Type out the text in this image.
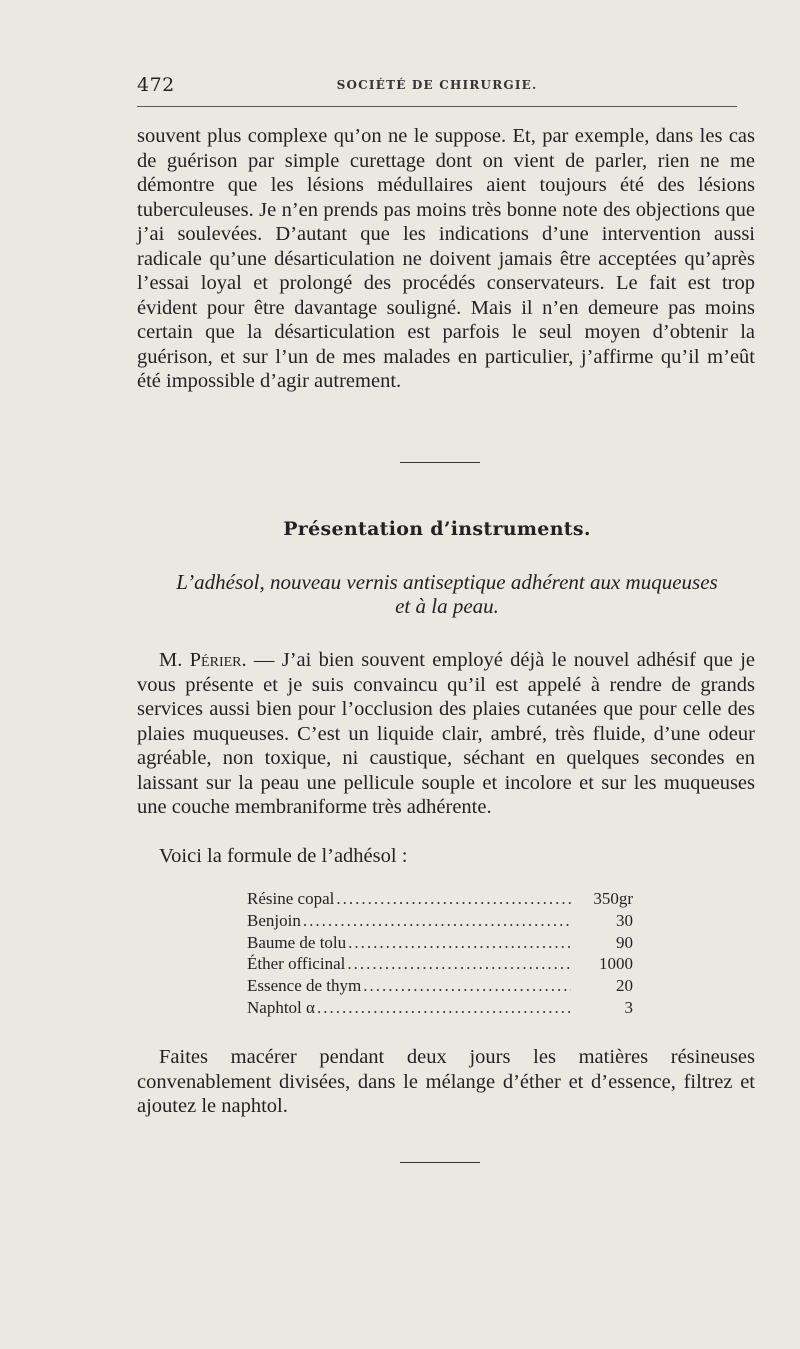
472	SOCIÉTÉ DE CHIRURGIE.

souvent plus complexe qu’on ne le suppose. Et, par exemple, dans les cas de guérison par simple curettage dont on vient de parler, rien ne me démontre que les lésions médullaires aient toujours été des lésions tuberculeuses. Je n’en prends pas moins très bonne note des objections que j’ai soulevées. D’autant que les indications d’une intervention aussi radicale qu’une désarticulation ne doivent jamais être acceptées qu’après l’essai loyal et prolongé des procédés conservateurs. Le fait est trop évident pour être davantage souligné. Mais il n’en demeure pas moins certain que la désarticulation est parfois le seul moyen d’obtenir la guérison, et sur l’un de mes malades en particulier, j’affirme qu’il m’eût été impossible d’agir autrement.

Présentation d’instruments.
L’adhésol, nouveau vernis antiseptique adhérent aux muqueuses
et à la peau.

M. Périer. — J’ai bien souvent employé déjà le nouvel adhésif que je vous présente et je suis convaincu qu’il est appelé à rendre de grands services aussi bien pour l’occlusion des plaies cutanées que pour celle des plaies muqueuses. C’est un liquide clair, ambré, très fluide, d’une odeur agréable, non toxique, ni caustique, séchant en quelques secondes en laissant sur la peau une pellicule souple et incolore et sur les muqueuses une couche membraniforme très adhérente.

Voici la formule de l’adhésol :

Résine copal .....	350gr
Benjoin .....	30
Baume de tolu .....	90
Éther officinal .....	1000
Essence de thym .....	20
Naphtol α .....	3

Faites macérer pendant deux jours les matières résineuses convenablement divisées, dans le mélange d’éther et d’essence, filtrez et ajoutez le naphtol.
